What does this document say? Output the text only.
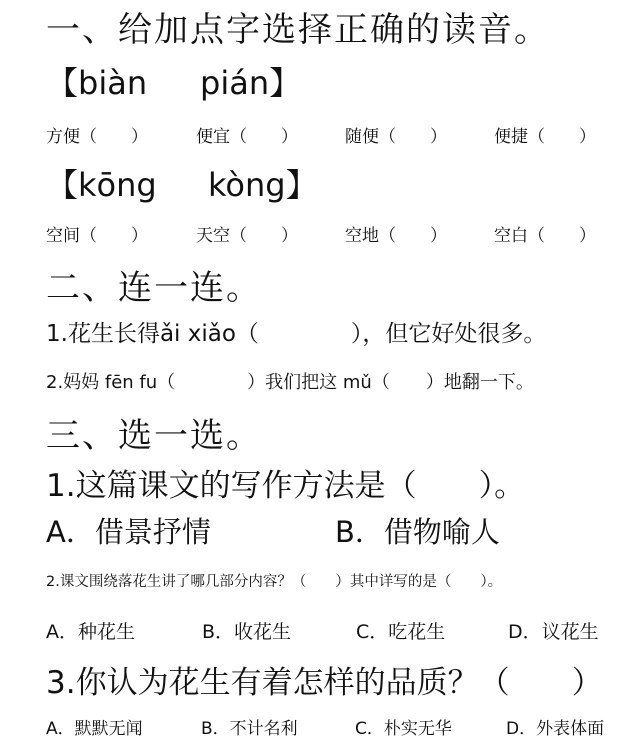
一、给加点字选择正确的读音。
【biàn pián】
方便（　　）	便宜（　　）	随便（　　）	便捷（　　）
【kōng kòng】
空间（　　）	天空（　　）	空地（　　）	空白（　　）
二、连一连。
1.花生长得ǎi xiǎo（　　　　），但它好处很多。
2.妈妈 fēn fu（　　　　）我们把这 mǔ（　　）地翻一下。
三、选一选。
1.这篇课文的写作方法是（　　）。
A．借景抒情	B．借物喻人
2.课文围绕落花生讲了哪几部分内容？（　　）其中详写的是（　　）。
A．种花生	B．收花生	C．吃花生	D．议花生
3.你认为花生有着怎样的品质？（　　）
A．默默无闻	B．不计名利	C．朴实无华	D．外表体面
